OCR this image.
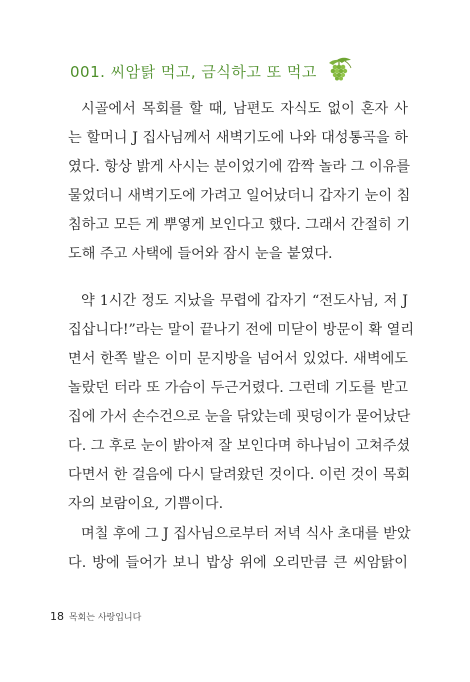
001. 씨암탉 먹고, 금식하고 또 먹고
시골에서 목회를 할 때, 남편도 자식도 없이 혼자 사
는 할머니 J 집사님께서 새벽기도에 나와 대성통곡을 하
였다. 항상 밝게 사시는 분이었기에 깜짝 놀라 그 이유를
물었더니 새벽기도에 가려고 일어났더니 갑자기 눈이 침
침하고 모든 게 뿌옇게 보인다고 했다. 그래서 간절히 기
도해 주고 사택에 들어와 잠시 눈을 붙였다.
약 1시간 정도 지났을 무렵에 갑자기 “전도사님, 저 J
집삽니다!”라는 말이 끝나기 전에 미닫이 방문이 확 열리
면서 한쪽 발은 이미 문지방을 넘어서 있었다. 새벽에도
놀랐던 터라 또 가슴이 두근거렸다. 그런데 기도를 받고
집에 가서 손수건으로 눈을 닦았는데 핏덩이가 묻어났단
다. 그 후로 눈이 밝아져 잘 보인다며 하나님이 고쳐주셨
다면서 한 걸음에 다시 달려왔던 것이다. 이런 것이 목회
자의 보람이요, 기쁨이다.
며칠 후에 그 J 집사님으로부터 저녁 식사 초대를 받았
다. 방에 들어가 보니 밥상 위에 오리만큼 큰 씨암탉이
18 목회는 사랑입니다
